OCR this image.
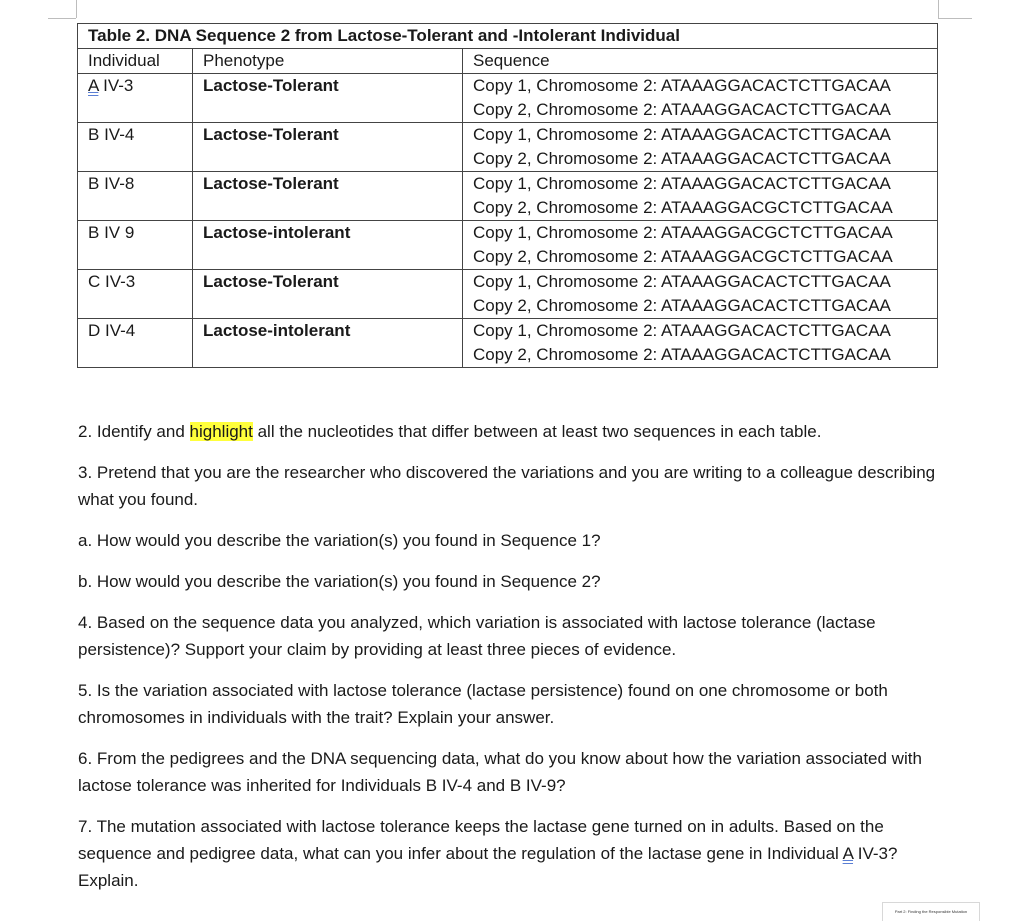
Table 2. DNA Sequence 2 from Lactose-Tolerant and -Intolerant Individual		
Individual	Phenotype	Sequence
A IV-3	Lactose-Tolerant	Copy 1, Chromosome 2: ATAAAGGACACTCTTGACAA
Copy 2, Chromosome 2: ATAAAGGACACTCTTGACAA

B IV-4	Lactose-Tolerant	Copy 1, Chromosome 2: ATAAAGGACACTCTTGACAA
Copy 2, Chromosome 2: ATAAAGGACACTCTTGACAA

B IV-8	Lactose-Tolerant	Copy 1, Chromosome 2: ATAAAGGACACTCTTGACAA
Copy 2, Chromosome 2: ATAAAGGACGCTCTTGACAA

B IV 9	Lactose-intolerant	Copy 1, Chromosome 2: ATAAAGGACGCTCTTGACAA
Copy 2, Chromosome 2: ATAAAGGACGCTCTTGACAA

C IV-3	Lactose-Tolerant	Copy 1, Chromosome 2: ATAAAGGACACTCTTGACAA
Copy 2, Chromosome 2: ATAAAGGACACTCTTGACAA

D IV-4	Lactose-intolerant	Copy 1, Chromosome 2: ATAAAGGACACTCTTGACAA
Copy 2, Chromosome 2: ATAAAGGACACTCTTGACAA

2. Identify and highlight all the nucleotides that differ between at least two sequences in each table.

3. Pretend that you are the researcher who discovered the variations and you are writing to a colleague describing what you found.

a. How would you describe the variation(s) you found in Sequence 1?

b. How would you describe the variation(s) you found in Sequence 2?

4. Based on the sequence data you analyzed, which variation is associated with lactose tolerance (lactase persistence)? Support your claim by providing at least three pieces of evidence.

5. Is the variation associated with lactose tolerance (lactase persistence) found on one chromosome or both chromosomes in individuals with the trait? Explain your answer.

6. From the pedigrees and the DNA sequencing data, what do you know about how the variation associated with lactose tolerance was inherited for Individuals B IV-4 and B IV-9?

7. The mutation associated with lactose tolerance keeps the lactase gene turned on in adults. Based on the sequence and pedigree data, what can you infer about the regulation of the lactase gene in Individual A IV-3? Explain.

Part 2: Finding the Responsible Mutation
